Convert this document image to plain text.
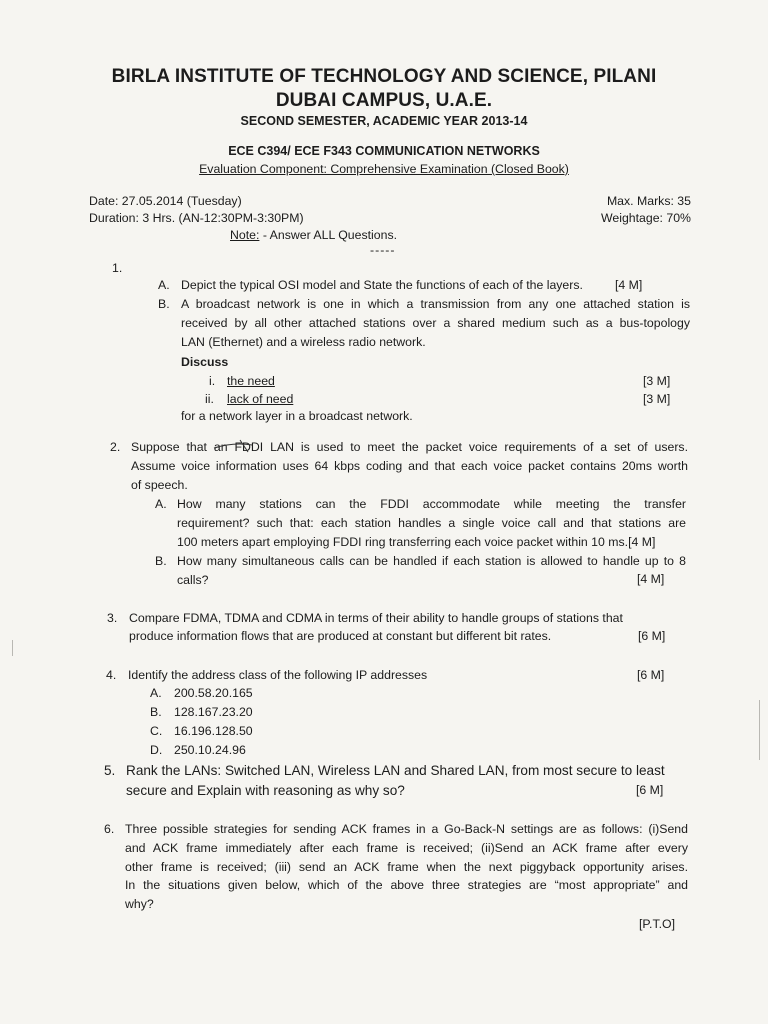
BIRLA INSTITUTE OF TECHNOLOGY AND SCIENCE, PILANI
DUBAI CAMPUS, U.A.E.
SECOND SEMESTER, ACADEMIC YEAR 2013-14
ECE C394/ ECE F343 COMMUNICATION NETWORKS
Evaluation Component: Comprehensive Examination (Closed Book)
Date: 27.05.2014 (Tuesday)
Duration: 3 Hrs. (AN-12:30PM-3:30PM)
Max. Marks: 35
Weightage: 70%
Note: - Answer ALL Questions.
-----
1.
A. Depict the typical OSI model and State the functions of each of the layers.	[4 M]
B. A broadcast network is one in which a transmission from any one attached station is
received by all other attached stations over a shared medium such as a bus-topology
LAN (Ethernet) and a wireless radio network.
Discuss
i. the need	[3 M]
ii. lack of need	[3 M]
for a network layer in a broadcast network.
2. Suppose that an FDDI LAN is used to meet the packet voice requirements of a set of users.
Assume voice information uses 64 kbps coding and that each voice packet contains 20ms worth
of speech.
A. How many stations can the FDDI accommodate while meeting the transfer
requirement? such that: each station handles a single voice call and that stations are
100 meters apart employing FDDI ring transferring each voice packet within 10 ms.[4 M]
B. How many simultaneous calls can be handled if each station is allowed to handle up to 8
calls?	[4 M]
3. Compare FDMA, TDMA and CDMA in terms of their ability to handle groups of stations that
produce information flows that are produced at constant but different bit rates.	[6 M]
4. Identify the address class of the following IP addresses	[6 M]
A. 200.58.20.165
B. 128.167.23.20
C. 16.196.128.50
D. 250.10.24.96
5. Rank the LANs: Switched LAN, Wireless LAN and Shared LAN, from most secure to least
secure and Explain with reasoning as why so?	[6 M]
6. Three possible strategies for sending ACK frames in a Go-Back-N settings are as follows: (i)Send
and ACK frame immediately after each frame is received; (ii)Send an ACK frame after every
other frame is received; (iii) send an ACK frame when the next piggyback opportunity arises.
In the situations given below, which of the above three strategies are “most appropriate” and
why?
[P.T.O]
